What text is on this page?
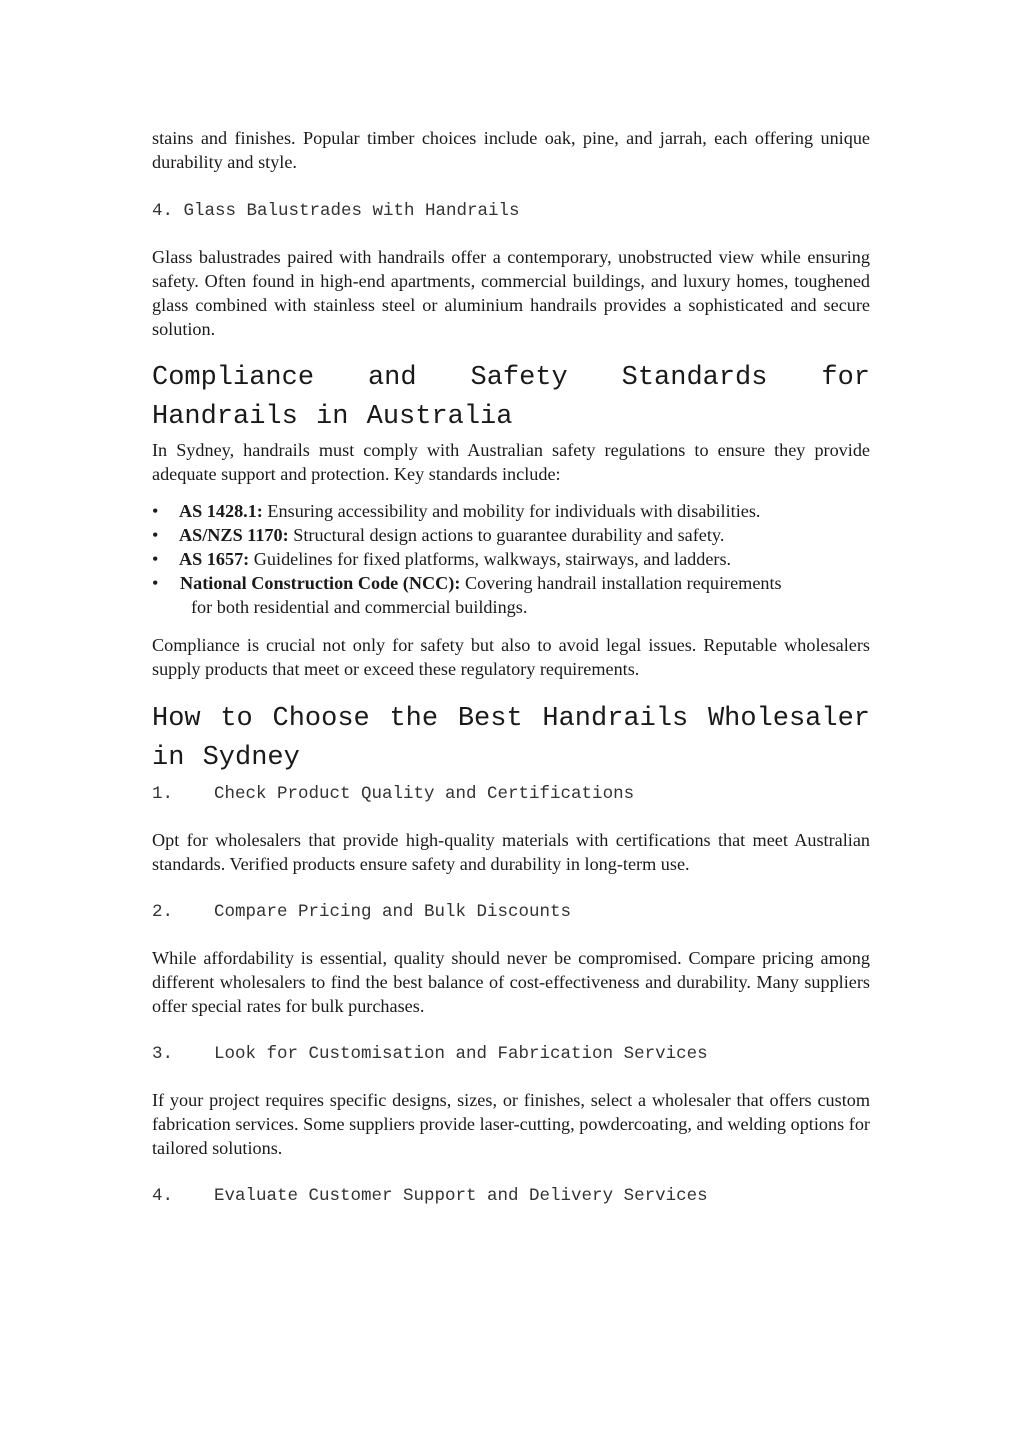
stains and finishes. Popular timber choices include oak, pine, and jarrah, each offering unique durability and style.

4. Glass Balustrades with Handrails

Glass balustrades paired with handrails offer a contemporary, unobstructed view while ensuring safety. Often found in high-end apartments, commercial buildings, and luxury homes, toughened glass combined with stainless steel or aluminium handrails provides a sophisticated and secure solution.

Compliance and Safety Standards for Handrails in Australia

In Sydney, handrails must comply with Australian safety regulations to ensure they provide adequate support and protection. Key standards include:

• AS 1428.1: Ensuring accessibility and mobility for individuals with disabilities.
• AS/NZS 1170: Structural design actions to guarantee durability and safety.
• AS 1657: Guidelines for fixed platforms, walkways, stairways, and ladders.
• National Construction Code (NCC): Covering handrail installation requirements
for both residential and commercial buildings.

Compliance is crucial not only for safety but also to avoid legal issues. Reputable wholesalers supply products that meet or exceed these regulatory requirements.

How to Choose the Best Handrails Wholesaler in Sydney
1.	Check Product Quality and Certifications

Opt for wholesalers that provide high-quality materials with certifications that meet Australian standards. Verified products ensure safety and durability in long-term use.

2.	Compare Pricing and Bulk Discounts

While affordability is essential, quality should never be compromised. Compare pricing among different wholesalers to find the best balance of cost-effectiveness and durability. Many suppliers offer special rates for bulk purchases.

3.	Look for Customisation and Fabrication Services

If your project requires specific designs, sizes, or finishes, select a wholesaler that offers custom fabrication services. Some suppliers provide laser-cutting, powdercoating, and welding options for tailored solutions.

4.	Evaluate Customer Support and Delivery Services
